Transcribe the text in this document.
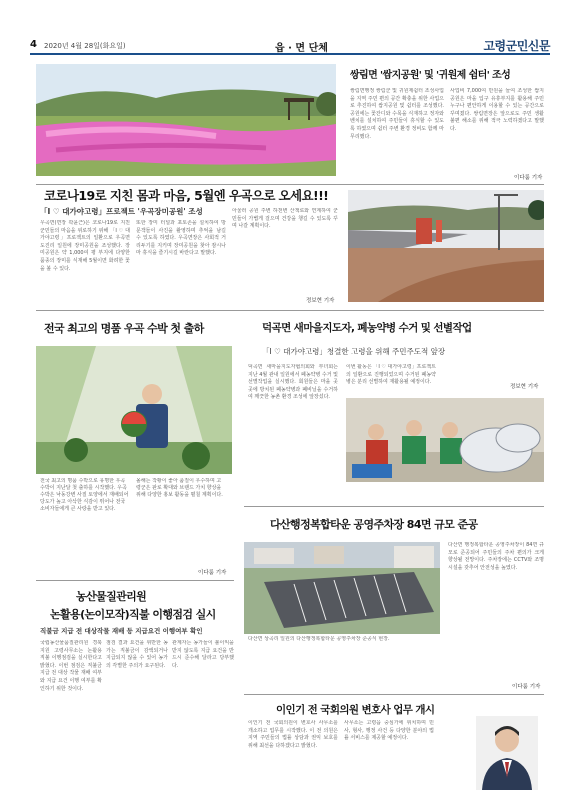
4 2020년 4월 28일(화요일)	읍 · 면 단체	고령군민신문
쌍림면 '쌈지공원' 및 '귀원제 쉼터' 조성
쌍림면행정 쌍림군 및 귀원제쉼터 조성사업을 지역 주민 편의 공간 확충을 위한 사업으로 추진하여 쌈지공원 및 쉼터를 조성했다. 공원에는 꽃잔디와 수목을 식재하고 정자와 벤치를 설치하여 주민들이 휴식할 수 있도록 하였으며 쉼터 주변 환경 정비도 함께 마무리했다.
사업비 7,000여 만원을 들여 조성한 쌈지공원은 마을 입구 유휴부지를 활용해 주민 누구나 편안하게 이용할 수 있는 공간으로 꾸며졌다. 쌍림면장은 앞으로도 주민 생활 불편 해소를 위해 적극 노력하겠다고 말했다.
이다룸 기자
코로나19로 지친 몸과 마음, 5월엔 우곡으로 오세요!!!
「I ♡ 대가야고령」프로젝트 '우곡장미공원' 조성
우곡면(면장 곽윤근)은 코로나19로 지친 군민들의 마음을 위로하기 위해 「I ♡ 대가야고령」프로젝트의 일환으로 우곡면 도진리 일원에 장미공원을 조성했다. 장미공원은 약 1,000여 평 부지에 다양한 품종의 장미를 식재해 5월이면 화려한 꽃을 볼 수 있다.
또한 장미 터널과 포토존을 설치하여 방문객들이 사진을 촬영하며 추억을 남길 수 있도록 하였다. 우곡면장은 사회적 거리두기를 지키며 장미공원을 찾아 잠시나마 휴식을 즐기시길 바란다고 말했다.
아울러 공원 주변 하천변 산책로와 연계하여 군민들이 가볍게 걸으며 건강을 챙길 수 있도록 꾸며 나갈 계획이다.
정보현 기자
전국 최고의 명품 우곡 수박 첫 출하
전국 최고의 명품 수박으로 유명한 우곡 수박이 지난달 첫 출하를 시작했다. 우곡 수박은 낙동강변 사질 토양에서 재배되어 당도가 높고 아삭한 식감이 뛰어나 전국 소비자들에게 큰 사랑을 받고 있다.
올해는 작황이 좋아 품질이 우수하며 고령군은 판로 확대와 브랜드 가치 향상을 위해 다양한 홍보 활동을 펼칠 계획이다.
이다룸 기자
덕곡면 새마을지도자, 폐농약병 수거 및 선별작업
「I ♡ 대가야고령」청결한 고령을 위해 주민주도적 앞장
덕곡면 새마을지도자협의회와 부녀회는 지난 4월 관내 일원에서 폐농약병 수거 및 선별작업을 실시했다. 회원들은 마을 곳곳에 방치된 폐농약병과 폐비닐을 수거하여 깨끗한 농촌 환경 조성에 앞장섰다.
이번 활동은 「I ♡ 대가야고령」프로젝트의 일환으로 진행되었으며 수거된 폐농약병은 분리 선별하여 재활용될 예정이다.
정보현 기자
다산행정복합타운 공영주차장 84면 규모 준공
다산면 상곡리 일원의 다산행정복합타운 공영주차장 준공식 현장.
다산면 행정복합타운 공영주차장이 84면 규모로 준공되어 주민들의 주차 편의가 크게 향상될 전망이다. 주차장에는 CCTV와 조명 시설을 갖추어 안전성을 높였다.
이다룸 기자
농산물질관리원
논활용(논이모작)직불 이행점검 실시
직불금 지급 전 대상작물 재배 등 지급요건 이행여부 확인
국립농산물품질관리원 경북지원 고령사무소는 논활용 직불 이행점검을 실시한다고 밝혔다. 이번 점검은 직불금 지급 전 대상 작물 재배 여부와 지급 요건 이행 여부를 확인하기 위한 것이다.
점검 결과 요건을 위반한 농가는 직불금이 감액되거나 지급되지 않을 수 있어 농가의 각별한 주의가 요구된다.
관계자는 농가들이 불이익을 받지 않도록 지급 요건을 반드시 준수해 달라고 당부했다.
이인기 전 국회의원 변호사 업무 개시
이인기 전 국회의원이 변호사 사무소를 개소하고 업무를 시작했다. 이 전 의원은 지역 주민들의 법률 상담과 권익 보호를 위해 최선을 다하겠다고 밝혔다.
사무소는 고령읍 중심가에 위치하며 민사, 형사, 행정 사건 등 다양한 분야의 법률 서비스를 제공할 예정이다.
